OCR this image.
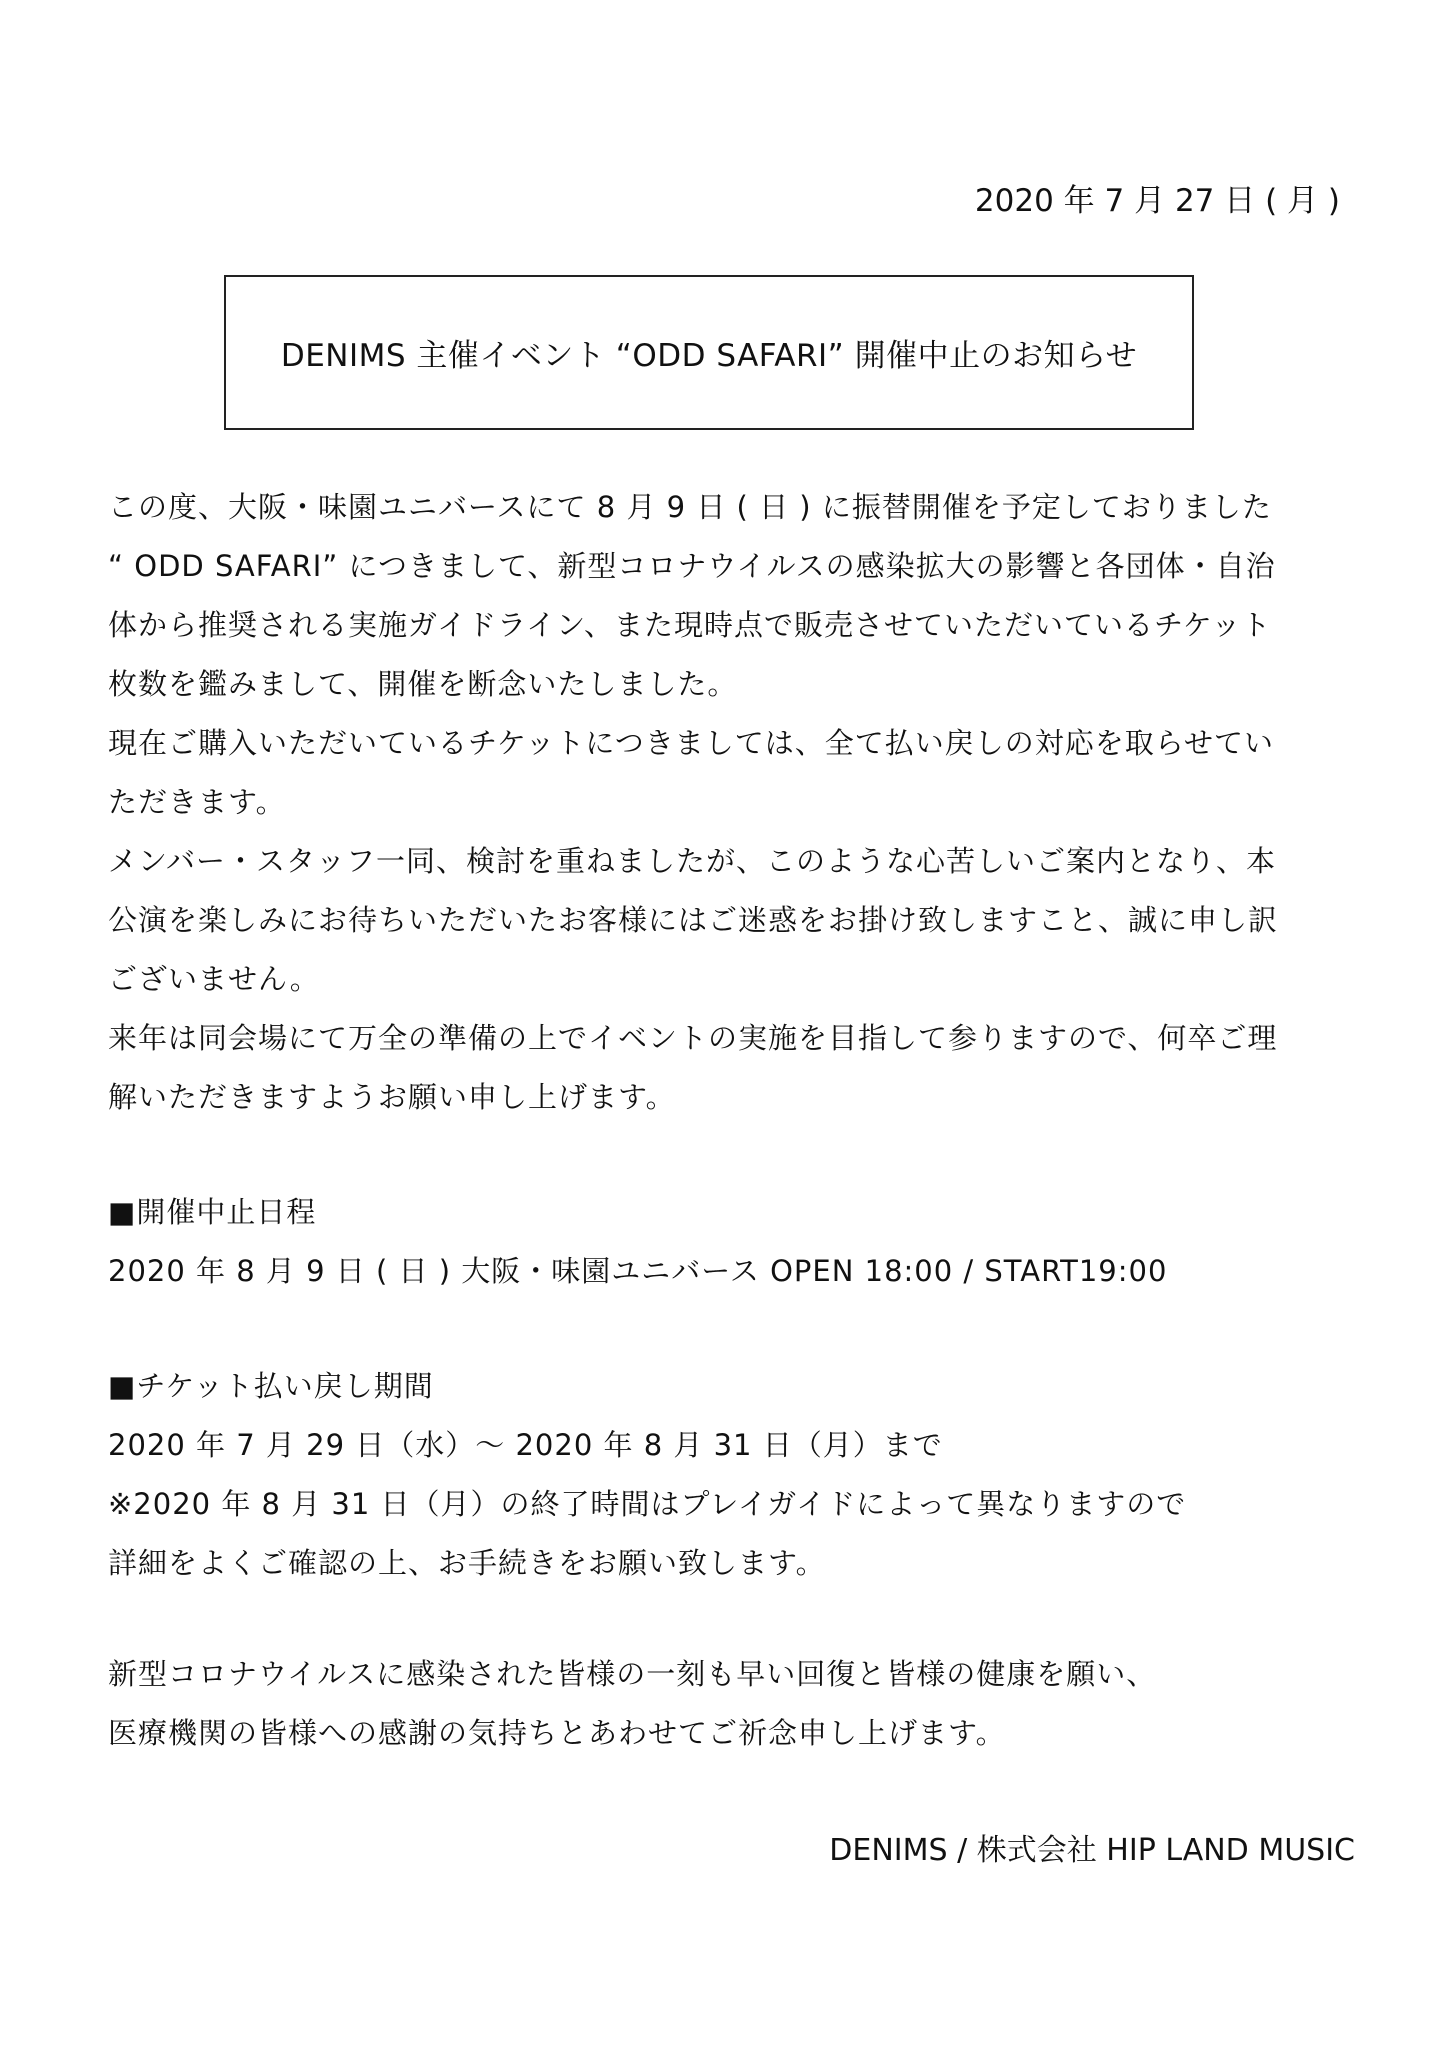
2020 年 7 月 27 日 ( 月 )
DENIMS 主催イベント “ODD SAFARI” 開催中止のお知らせ
この度、大阪・味園ユニバースにて 8 月 9 日 ( 日 ) に振替開催を予定しておりました
“ ODD SAFARI” につきまして、新型コロナウイルスの感染拡大の影響と各団体・自治
体から推奨される実施ガイドライン、また現時点で販売させていただいているチケット
枚数を鑑みまして、開催を断念いたしました。
現在ご購入いただいているチケットにつきましては、全て払い戻しの対応を取らせてい
ただきます。
メンバー・スタッフ一同、検討を重ねましたが、このような心苦しいご案内となり、本
公演を楽しみにお待ちいただいたお客様にはご迷惑をお掛け致しますこと、誠に申し訳
ございません。
来年は同会場にて万全の準備の上でイベントの実施を目指して参りますので、何卒ご理
解いただきますようお願い申し上げます。
■開催中止日程
2020 年 8 月 9 日 ( 日 ) 大阪・味園ユニバース OPEN 18:00 / START19:00
■チケット払い戻し期間
2020 年 7 月 29 日（水）〜 2020 年 8 月 31 日（月）まで
※2020 年 8 月 31 日（月）の終了時間はプレイガイドによって異なりますので
詳細をよくご確認の上、お手続きをお願い致します。
新型コロナウイルスに感染された皆様の一刻も早い回復と皆様の健康を願い、
医療機関の皆様への感謝の気持ちとあわせてご祈念申し上げます。
DENIMS / 株式会社 HIP LAND MUSIC
